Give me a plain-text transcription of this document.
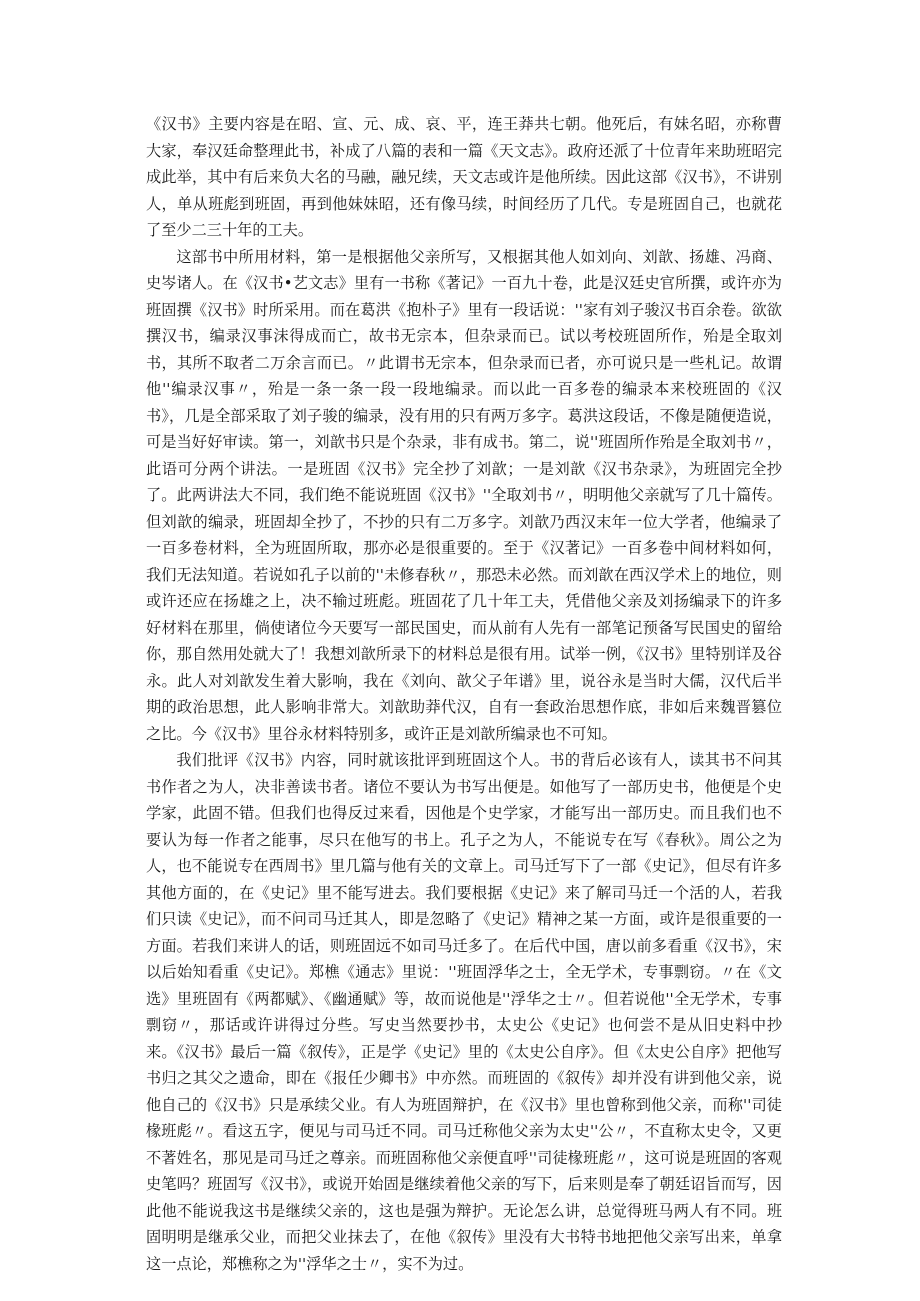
《汉书》主要内容是在昭、宣、元、成、哀、平，连王莽共七朝。他死后，有妹名昭，亦称曹大家，奉汉廷命整理此书，补成了八篇的表和一篇《天文志》。政府还派了十位青年来助班昭完成此举，其中有后来负大名的马融，融兄续，天文志或许是他所续。因此这部《汉书》，不讲别人，单从班彪到班固，再到他妹妹昭，还有像马续，时间经历了几代。专是班固自己，也就花了至少二三十年的工夫。

这部书中所用材料，第一是根据他父亲所写，又根据其他人如刘向、刘歆、扬雄、冯商、史岑诸人。在《汉书•艺文志》里有一书称《著记》一百九十卷，此是汉廷史官所撰，或许亦为班固撰《汉书》时所采用。而在葛洪《抱朴子》里有一段话说：''家有刘子骏汉书百余卷。欲欲撰汉书，编录汉事沫得成而亡，故书无宗本，但杂录而已。试以考校班固所作，殆是全取刘书，其所不取者二万余言而已。〃此谓书无宗本，但杂录而已者，亦可说只是一些札记。故谓他''编录汉事〃，殆是一条一条一段一段地编录。而以此一百多卷的编录本来校班固的《汉书》，几是全部采取了刘子骏的编录，没有用的只有两万多字。葛洪这段话，不像是随便造说，可是当好好审读。第一，刘歆书只是个杂录，非有成书。第二，说''班固所作殆是全取刘书〃，此语可分两个讲法。一是班固《汉书》完全抄了刘歆；一是刘歆《汉书杂录》，为班固完全抄了。此两讲法大不同，我们绝不能说班固《汉书》''全取刘书〃，明明他父亲就写了几十篇传。但刘歆的编录，班固却全抄了，不抄的只有二万多字。刘歆乃西汉末年一位大学者，他编录了一百多卷材料，全为班固所取，那亦必是很重要的。至于《汉著记》一百多卷中间材料如何，我们无法知道。若说如孔子以前的''未修春秋〃，那恐未必然。而刘歆在西汉学术上的地位，则或许还应在扬雄之上，决不输过班彪。班固花了几十年工夫，凭借他父亲及刘扬编录下的许多好材料在那里，倘使诸位今天要写一部民国史，而从前有人先有一部笔记预备写民国史的留给你，那自然用处就大了！我想刘歆所录下的材料总是很有用。试举一例，《汉书》里特别详及谷永。此人对刘歆发生着大影响，我在《刘向、歆父子年谱》里，说谷永是当时大儒，汉代后半期的政治思想，此人影响非常大。刘歆助莽代汉，自有一套政治思想作底，非如后来魏晋篡位之比。今《汉书》里谷永材料特别多，或许正是刘歆所编录也不可知。

我们批评《汉书》内容，同时就该批评到班固这个人。书的背后必该有人，读其书不问其书作者之为人，决非善读书者。诸位不要认为书写出便是。如他写了一部历史书，他便是个史学家，此固不错。但我们也得反过来看，因他是个史学家，才能写出一部历史。而且我们也不要认为每一作者之能事，尽只在他写的书上。孔子之为人，不能说专在写《春秋》。周公之为人，也不能说专在西周书》里几篇与他有关的文章上。司马迁写下了一部《史记》，但尽有许多其他方面的，在《史记》里不能写进去。我们要根据《史记》来了解司马迁一个活的人，若我们只读《史记》，而不问司马迁其人，即是忽略了《史记》精神之某一方面，或许是很重要的一方面。若我们来讲人的话，则班固远不如司马迁多了。在后代中国，唐以前多看重《汉书》，宋以后始知看重《史记》。郑樵《通志》里说：''班固浮华之士，全无学术，专事剽窃。〃在《文选》里班固有《两都赋》、《幽通赋》等，故而说他是''浮华之士〃。但若说他''全无学术，专事剽窃〃，那话或许讲得过分些。写史当然要抄书，太史公《史记》也何尝不是从旧史料中抄来。《汉书》最后一篇《叙传》，正是学《史记》里的《太史公自序》。但《太史公自序》把他写书归之其父之遗命，即在《报任少卿书》中亦然。而班固的《叙传》却并没有讲到他父亲，说他自己的《汉书》只是承续父业。有人为班固辩护，在《汉书》里也曾称到他父亲，而称''司徒椽班彪〃。看这五字，便见与司马迁不同。司马迁称他父亲为太史''公〃，不直称太史令，又更不著姓名，那见是司马迁之尊亲。而班固称他父亲便直呼''司徒椽班彪〃，这可说是班固的客观史笔吗？班固写《汉书》，或说开始固是继续着他父亲的写下，后来则是奉了朝廷诏旨而写，因此他不能说我这书是继续父亲的，这也是强为辩护。无论怎么讲，总觉得班马两人有不同。班固明明是继承父业，而把父业抹去了，在他《叙传》里没有大书特书地把他父亲写出来，单拿这一点论，郑樵称之为''浮华之士〃，实不为过。
